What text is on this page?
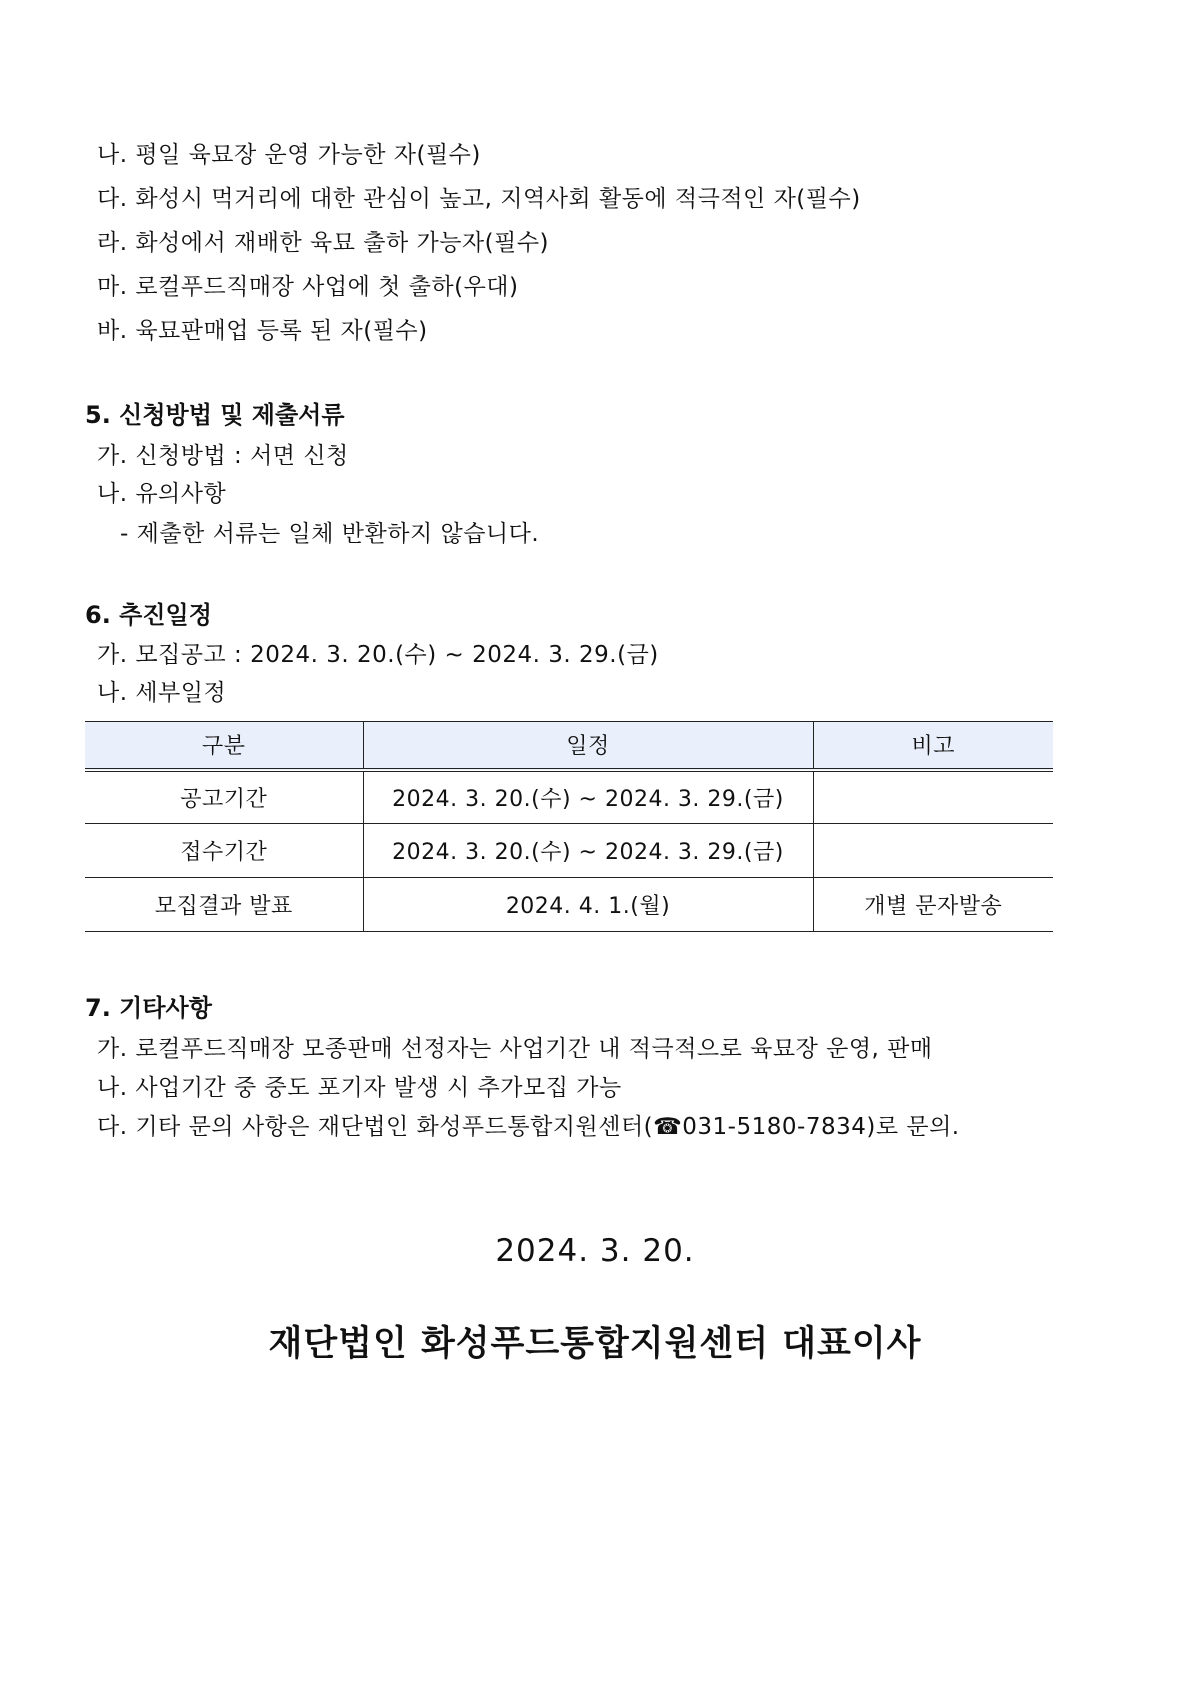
나. 평일 육묘장 운영 가능한 자(필수)
다. 화성시 먹거리에 대한 관심이 높고, 지역사회 활동에 적극적인 자(필수)
라. 화성에서 재배한 육묘 출하 가능자(필수)
마. 로컬푸드직매장 사업에 첫 출하(우대)
바. 육묘판매업 등록 된 자(필수)
5. 신청방법 및 제출서류
가. 신청방법 : 서면 신청
나. 유의사항
- 제출한 서류는 일체 반환하지 않습니다.
6. 추진일정
가. 모집공고 : 2024. 3. 20.(수) ~ 2024. 3. 29.(금)
나. 세부일정
구분	일정	비고
공고기간	2024. 3. 20.(수) ~ 2024. 3. 29.(금)	
접수기간	2024. 3. 20.(수) ~ 2024. 3. 29.(금)	
모집결과 발표	2024. 4. 1.(월)	개별 문자발송
7. 기타사항
가. 로컬푸드직매장 모종판매 선정자는 사업기간 내 적극적으로 육묘장 운영, 판매
나. 사업기간 중 중도 포기자 발생 시 추가모집 가능
다. 기타 문의 사항은 재단법인 화성푸드통합지원센터(☎031-5180-7834)로 문의.
2024. 3. 20.
재단법인 화성푸드통합지원센터 대표이사
